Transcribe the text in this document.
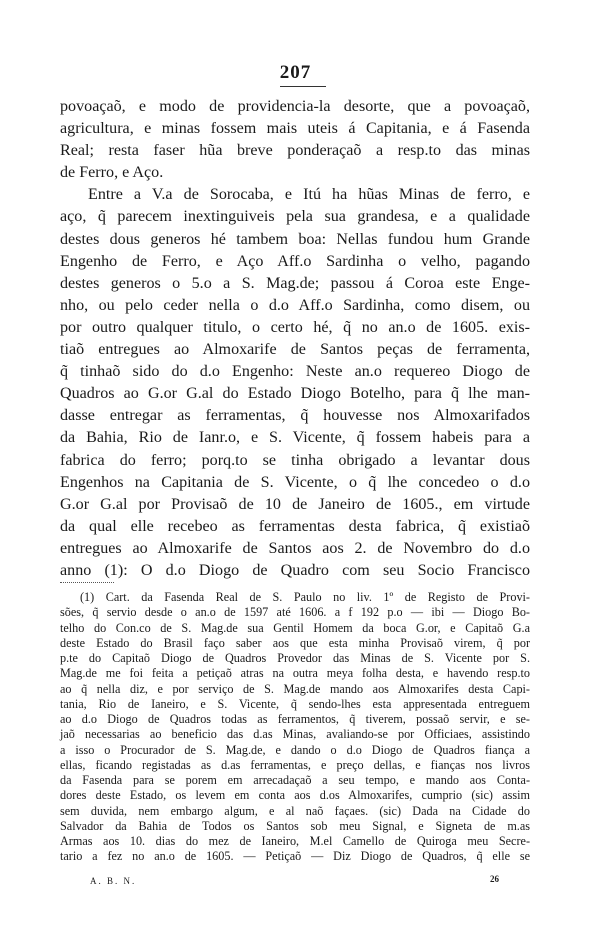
207
povoaçaõ, e modo de providencia-la desorte, que a povoaçaõ,
agricultura, e minas fossem mais uteis á Capitania, e á Fasenda
Real; resta faser hũa breve ponderaçaõ a resp.to das minas
de Ferro, e Aço.
Entre a V.a de Sorocaba, e Itú ha hũas Minas de ferro, e
aço, q̃ parecem inextinguiveis pela sua grandesa, e a qualidade
destes dous generos hé tambem boa: Nellas fundou hum Grande
Engenho de Ferro, e Aço Aff.o Sardinha o velho, pagando
destes generos o 5.o a S. Mag.de; passou á Coroa este Enge-
nho, ou pelo ceder nella o d.o Aff.o Sardinha, como disem, ou
por outro qualquer titulo, o certo hé, q̃ no an.o de 1605. exis-
tiaõ entregues ao Almoxarife de Santos peças de ferramenta,
q̃ tinhaõ sido do d.o Engenho: Neste an.o requereo Diogo de
Quadros ao G.or G.al do Estado Diogo Botelho, para q̃ lhe man-
dasse entregar as ferramentas, q̃ houvesse nos Almoxarifados
da Bahia, Rio de Ianr.o, e S. Vicente, q̃ fossem habeis para a
fabrica do ferro; porq.to se tinha obrigado a levantar dous
Engenhos na Capitania de S. Vicente, o q̃ lhe concedeo o d.o
G.or G.al por Provisaõ de 10 de Janeiro de 1605., em virtude
da qual elle recebeo as ferramentas desta fabrica, q̃ existiaõ
entregues ao Almoxarife de Santos aos 2. de Novembro do d.o
anno (1): O d.o Diogo de Quadro com seu Socio Francisco
(1) Cart. da Fasenda Real de S. Paulo no liv. 1º de Registo de Provi-
sões, q̃ servio desde o an.o de 1597 até 1606. a f 192 p.o — ibi — Diogo Bo-
telho do Con.co de S. Mag.de sua Gentil Homem da boca G.or, e Capitaõ G.a
deste Estado do Brasil faço saber aos que esta minha Provisaõ virem, q̃ por
p.te do Capitaõ Diogo de Quadros Provedor das Minas de S. Vicente por S.
Mag.de me foi feita a petiçaõ atras na outra meya folha desta, e havendo resp.to
ao q̃ nella diz, e por serviço de S. Mag.de mando aos Almoxarifes desta Capi-
tania, Rio de Ianeiro, e S. Vicente, q̃ sendo-lhes esta appresentada entreguem
ao d.o Diogo de Quadros todas as ferramentos, q̃ tiverem, possaõ servir, e se-
jaõ necessarias ao beneficio das d.as Minas, avaliando-se por Officiaes, assistindo
a isso o Procurador de S. Mag.de, e dando o d.o Diogo de Quadros fiança a
ellas, ficando registadas as d.as ferramentas, e preço dellas, e fianças nos livros
da Fasenda para se porem em arrecadaçaõ a seu tempo, e mando aos Conta-
dores deste Estado, os levem em conta aos d.os Almoxarifes, cumprio (sic) assim
sem duvida, nem embargo algum, e al naõ façaes. (sic) Dada na Cidade do
Salvador da Bahia de Todos os Santos sob meu Signal, e Signeta de m.as
Armas aos 10. dias do mez de Ianeiro, M.el Camello de Quiroga meu Secre-
tario a fez no an.o de 1605. — Petiçaõ — Diz Diogo de Quadros, q̃ elle se
A. B. N.	26
